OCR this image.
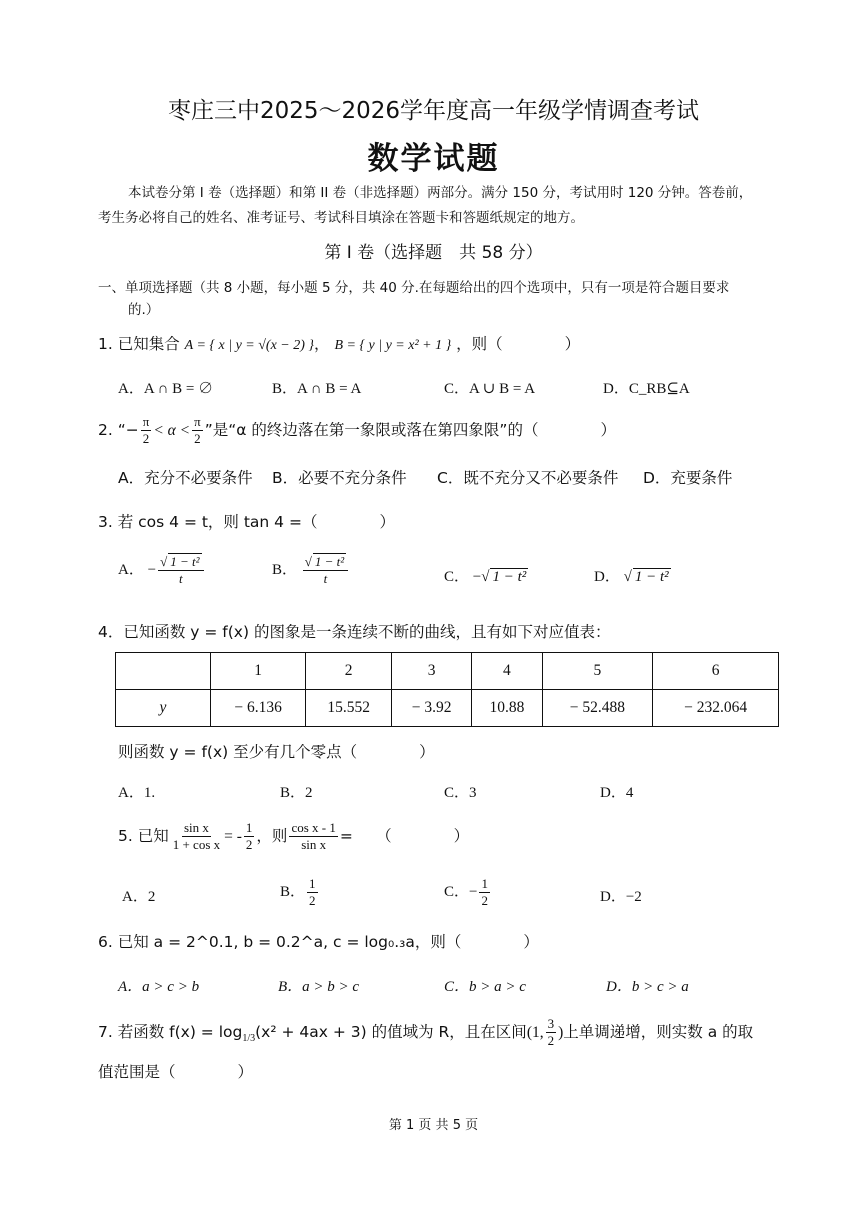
枣庄三中2025～2026学年度高一年级学情调查考试
数学试题
本试卷分第 I 卷（选择题）和第 II 卷（非选择题）两部分。满分 150 分，考试用时 120 分钟。答卷前，
考生务必将自己的姓名、准考证号、考试科目填涂在答题卡和答题纸规定的地方。
第 I 卷（选择题　共 58 分）
一、单项选择题（共 8 小题，每小题 5 分，共 40 分.在每题给出的四个选项中，只有一项是符合题目要求
的.）
1. 已知集合 A = { x | y = √(x − 2) }， B = { y | y = x² + 1 } ，则（　　　　）
A．A ∩ B = ∅	B．A ∩ B = A	C．A ∪ B = A	D．C_RB⊆A
2. “− $\frac{\pi}{2} < \alpha < \frac{\pi}{2}$ ”是“α 的终边落在第一象限或落在第四象限”的（　　　　）
A．充分不必要条件 B．必要不充分条件 C．既不充分又不必要条件 D．充要条件
3. 若 cos 4 = t，则 tan 4 =（　　　　）
A． − $\frac{\text{√ 1 − t²}}{t}$	B． $\frac{\text{√ 1 − t²}}{t}$	C． −√ 1 − t²	D． √ 1 − t²
4．已知函数 y = f(x) 的图象是一条连续不断的曲线，且有如下对应值表：
	1	2	3	4	5	6
y	− 6.136	15.552	− 3.92	10.88	− 52.488	− 232.064
则函数 y = f(x) 至少有几个零点（　　　　）
A．1.	B．2	C．3	D．4
5. 已知 $\frac{\text{sin x}}{\text{1 + cos x}}$ = - $\frac{1}{2}$ ，则 $\frac{\text{cos x - 1}}{\text{sin x}}$ =　　（　　　　）
A．2	B． $\frac{1}{2}$	C．− $\frac{1}{2}$	D．−2
6. 已知 a = 2^0.1, b = 0.2^a, c = log₀.₃a，则（　　　　）
A．a > c > b	B．a > b > c	C．b > a > c	D．b > c > a
7. 若函数 $f(x) = \log_{1/3}(x^2 + 4ax + 3)$ 的值域为 R，且在区间(1, $\frac{3}{2}$ )上单调递增，则实数 a 的取
值范围是（　　　　）
第 1 页 共 5 页
